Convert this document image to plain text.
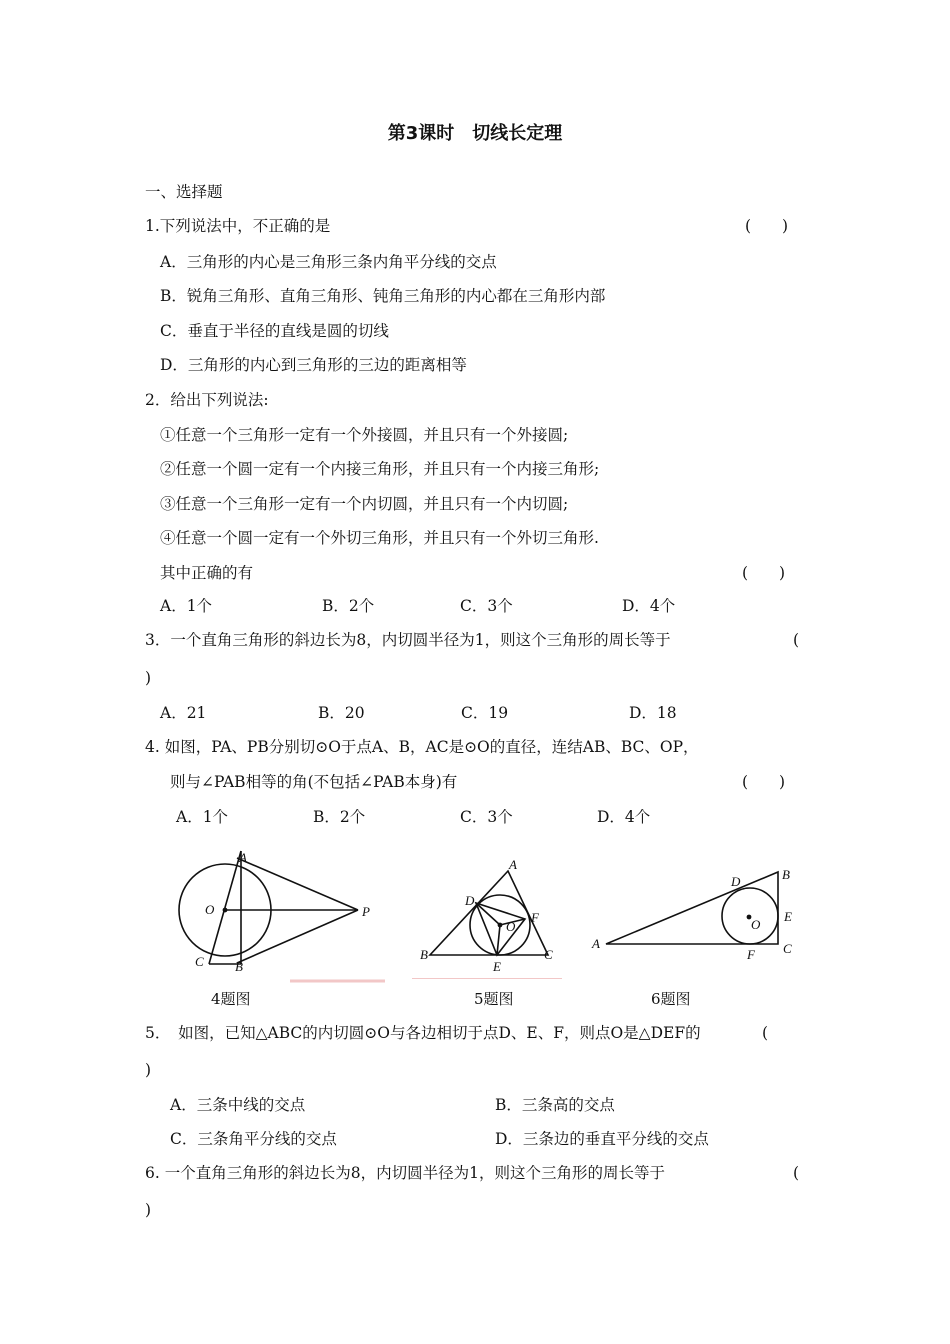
第3课时　切线长定理
一、选择题
1.下列说法中，不正确的是	(　　)
A．三角形的内心是三角形三条内角平分线的交点
B．锐角三角形、直角三角形、钝角三角形的内心都在三角形内部
C．垂直于半径的直线是圆的切线
D．三角形的内心到三角形的三边的距离相等
2．给出下列说法:
①任意一个三角形一定有一个外接圆，并且只有一个外接圆;
②任意一个圆一定有一个内接三角形，并且只有一个内接三角形;
③任意一个三角形一定有一个内切圆，并且只有一个内切圆;
④任意一个圆一定有一个外切三角形，并且只有一个外切三角形.
其中正确的有	(　　)
A．1个	B．2个	C．3个	D．4个
3．一个直角三角形的斜边长为8，内切圆半径为1，则这个三角形的周长等于	(
)
A．21	B．20	C．19	D．18
4. 如图，PA、PB分别切⊙O于点A、B，AC是⊙O的直径，连结AB、BC、OP，
则与∠PAB相等的角(不包括∠PAB本身)有	(　　)
A．1个	B．2个	C．3个	D．4个
A
O	P
C B
4题图
A
D
F
O
B
E
C
5题图
B
D
E
O
A
F C
6题图
5．　如图，已知△ABC的内切圆⊙O与各边相切于点D、E、F，则点O是△DEF的	(
)
A．三条中线的交点	B．三条高的交点
C．三条角平分线的交点	D．三条边的垂直平分线的交点
6. 一个直角三角形的斜边长为8，内切圆半径为1，则这个三角形的周长等于	(
)
